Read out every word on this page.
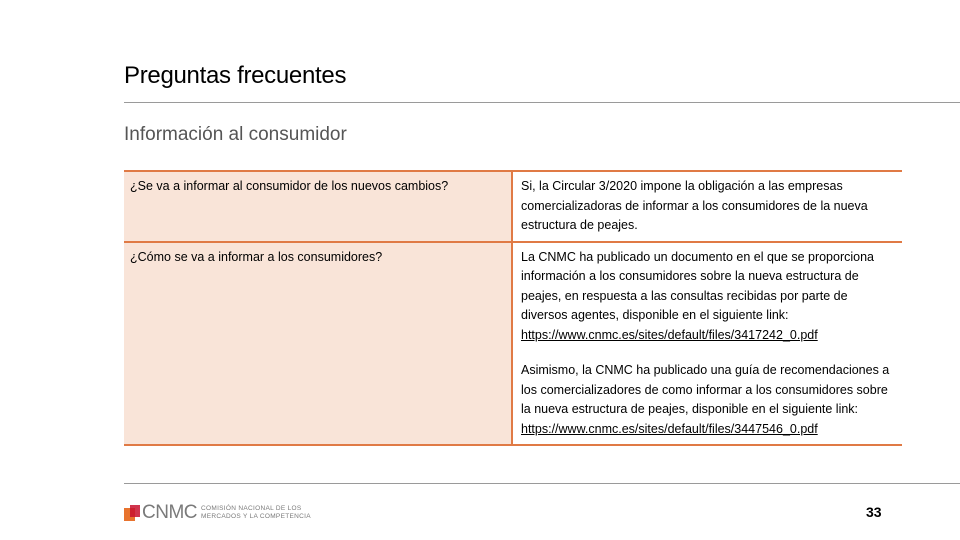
Preguntas frecuentes
Información al consumidor
¿Se va a informar al consumidor de los nuevos cambios?	Si, la Circular 3/2020 impone la obligación a las empresas comercializadoras de informar a los consumidores de la nueva estructura de peajes.

¿Cómo se va a informar a los consumidores?	La CNMC ha publicado un documento en el que se proporciona información a los consumidores sobre la nueva estructura de peajes, en respuesta a las consultas recibidas por parte de diversos agentes, disponible en el siguiente link: https://www.cnmc.es/sites/default/files/3417242_0.pdf

Asimismo, la CNMC ha publicado una guía de recomendaciones a los comercializadores de como informar a los consumidores sobre la nueva estructura de peajes, disponible en el siguiente link: https://www.cnmc.es/sites/default/files/3447546_0.pdf

CNMC COMISIÓN NACIONAL DE LOS
MERCADOS Y LA COMPETENCIA	33
